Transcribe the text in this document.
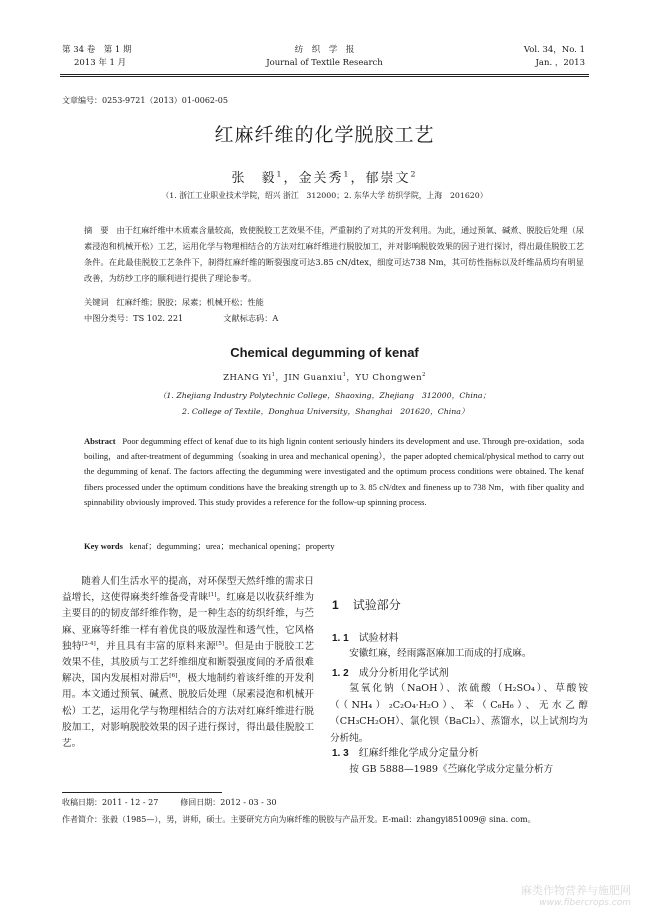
第 34 卷　第 1 期
2013 年 1 月
纺　织　学　报
Journal of Textile Research
Vol. 34，No. 1
Jan. ，2013
文章编号：0253-9721（2013）01-0062-05
红麻纤维的化学脱胶工艺
张　毅$^1$，金关秀$^1$，郁崇文$^2$
（1. 浙江工业职业技术学院，绍兴 浙江　312000；2. 东华大学 纺织学院，上海　201620）
摘　要 由于红麻纤维中木质素含量较高，致使脱胶工艺效果不佳，严重制约了对其的开发利用。为此，通过预氧、碱煮、脱胶后处理（尿素浸泡和机械开松）工艺，运用化学与物理相结合的方法对红麻纤维进行脱胶加工，并对影响脱胶效果的因子进行探讨，得出最佳脱胶工艺条件。在此最佳脱胶工艺条件下，制得红麻纤维的断裂强度可达3.85 cN/dtex，细度可达738 Nm，其可纺性指标以及纤维品质均有明显改善，为纺纱工序的顺利进行提供了理论参考。
关键词 红麻纤维；脱胶；尿素；机械开松；性能
中图分类号：TS 102. 221	文献标志码：A
Chemical degumming of kenaf
ZHANG Yi$^1$，JIN Guanxiu$^1$，YU Chongwen$^2$
（1. Zhejiang Industry Polytechnic College，Shaoxing，Zhejiang　312000，China；
2. College of Textile，Donghua University，Shanghai　201620，China）
Abstract Poor degumming effect of kenaf due to its high lignin content seriously hinders its development and use. Through pre-oxidation，soda boiling，and after-treatment of degumming（soaking in urea and mechanical opening），the paper adopted chemical/physical method to carry out the degumming of kenaf. The factors affecting the degumming were investigated and the optimum process conditions were obtained. The kenaf fibers processed under the optimum conditions have the breaking strength up to 3. 85 cN/dtex and fineness up to 738 Nm，with fiber quality and spinnability obviously improved. This study provides a reference for the follow-up spinning process.
Key words kenaf；degumming；urea；mechanical opening；property

随着人们生活水平的提高，对环保型天然纤维的需求日益增长，这使得麻类纤维备受青睐[1]。红麻是以收获纤维为主要目的的韧皮部纤维作物，是一种生态的纺织纤维，与苎麻、亚麻等纤维一样有着优良的吸放湿性和透气性，它风格独特[2-4]，并且具有丰富的原料来源[5]。但是由于脱胶工艺效果不佳，其胶质与工艺纤维细度和断裂强度间的矛盾很难解决，国内发展相对滞后[6]，极大地制约着该纤维的开发利用。本文通过预氧、碱煮、脱胶后处理（尿素浸泡和机械开松）工艺，运用化学与物理相结合的方法对红麻纤维进行脱胶加工，对影响脱胶效果的因子进行探讨，得出最佳脱胶工艺。

1 试验部分
1. 1 试验材料

安徽红麻，经雨露沤麻加工而成的打成麻。

1. 2 成分分析用化学试剂

氢氧化钠（NaOH）、浓硫酸（H₂SO₄）、草酸铵（（NH₄）₂C₂O₄·H₂O）、苯（C₆H₆）、无水乙醇（CH₃CH₂OH）、氯化钡（BaCl₂）、蒸馏水，以上试剂均为分析纯。

1. 3 红麻纤维化学成分定量分析

按 GB 5888—1989《苎麻化学成分定量分析方

收稿日期：2011 - 12 - 27	修回日期：2012 - 03 - 30
作者简介：张毅（1985—），男，讲师，硕士。主要研究方向为麻纤维的脱胶与产品开发。E-mail：zhangyi851009@ sina. com。
麻类作物营养与施肥网
www.fibercrops.com
